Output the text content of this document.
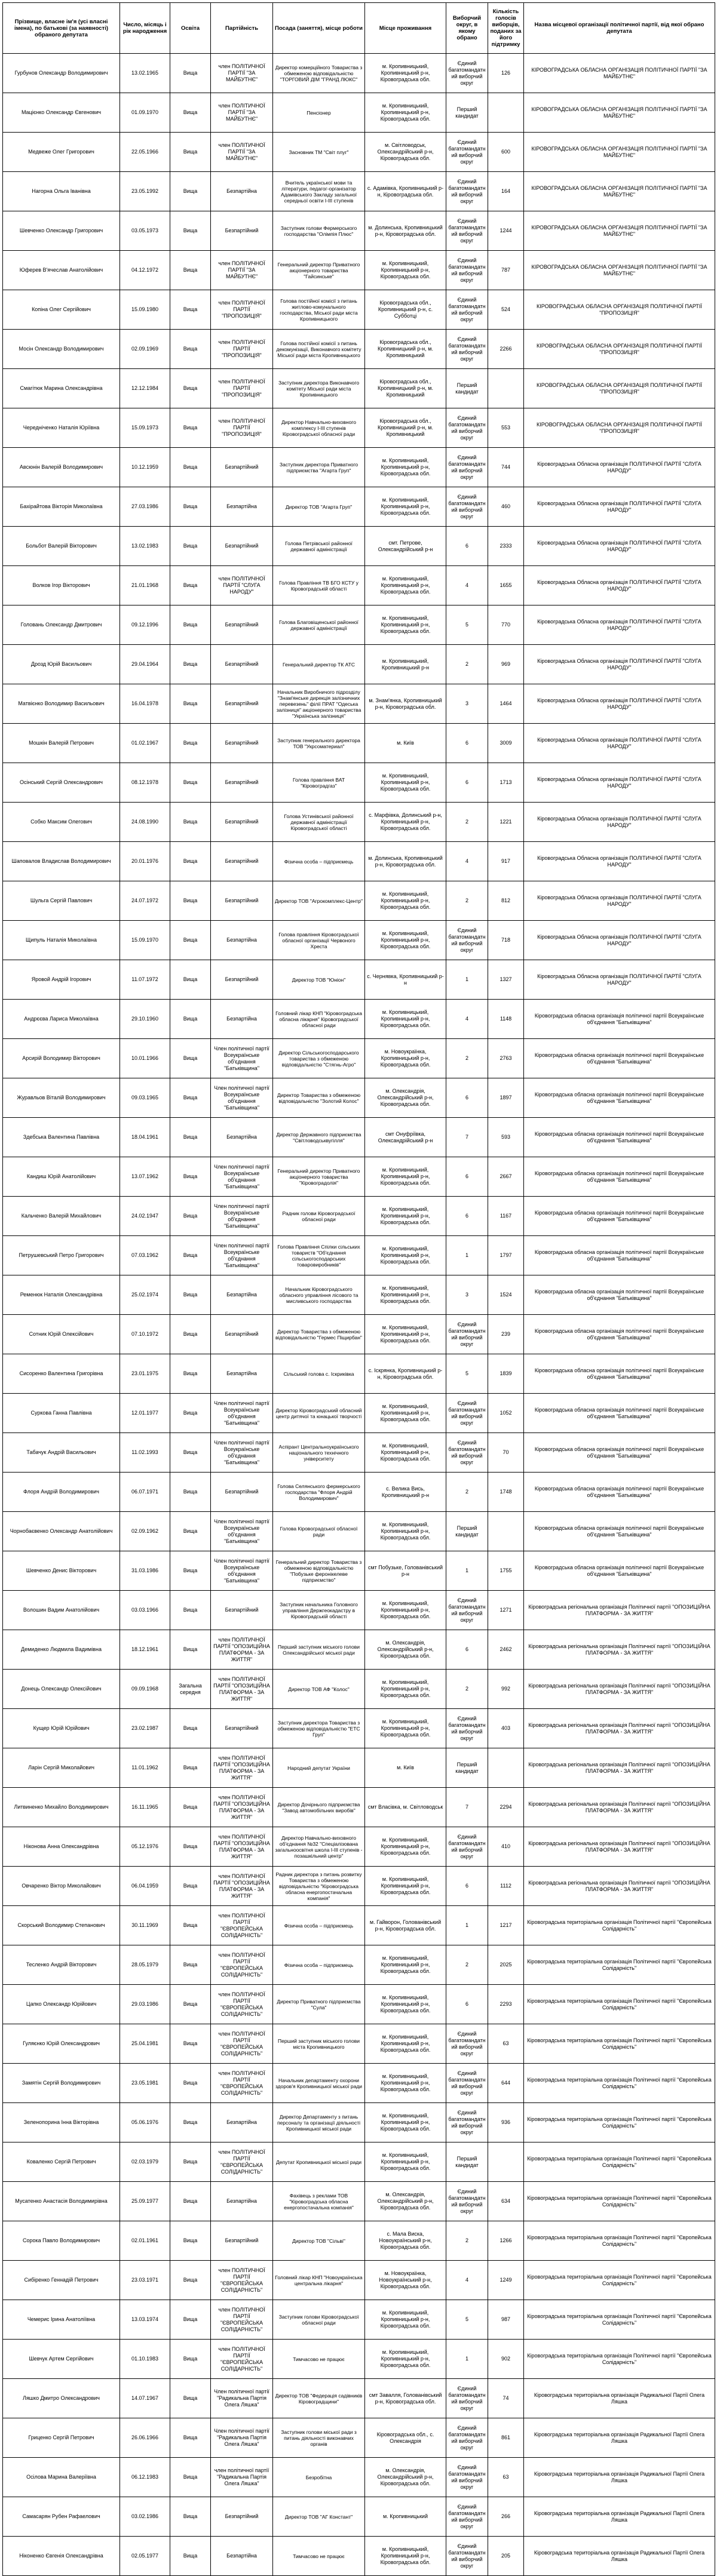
Прізвище, власне ім'я (усі власні імена), по батькові (за наявності) обраного депутата	Число, місяць і рік народження	Освіта	Партійність	Посада (заняття), місце роботи	Місце проживання	Виборчий округ, в якому обрано	Кількість голосів виборців, поданих за його підтримку	Назва місцевої організації політичної партії, від якої обрано депутата
Гурбунов Олександр Володимирович	13.02.1965	Вища	член ПОЛІТИЧНОЇ ПАРТІЇ "ЗА МАЙБУТНЄ"	Директор комерційного Товариства з обмеженою відповідальністю "ТОРГОВИЙ ДІМ "ГРАНД ЛЮКС"	м. Кропивницький, Кропивницький р-н, Кіровоградська обл.	Єдиний багатомандатний виборчий округ	126	КІРОВОГРАДСЬКА ОБЛАСНА ОРГАНІЗАЦІЯ ПОЛІТИЧНОЇ ПАРТІЇ "ЗА МАЙБУТНЄ"
Мацієнко Олександр Євгенович	01.09.1970	Вища	член ПОЛІТИЧНОЇ ПАРТІЇ "ЗА МАЙБУТНЄ"	Пенсіонер	м. Кропивницький, Кропивницький р-н, Кіровоградська обл.	Перший кандидат		КІРОВОГРАДСЬКА ОБЛАСНА ОРГАНІЗАЦІЯ ПОЛІТИЧНОЇ ПАРТІЇ "ЗА МАЙБУТНЄ"
Медвеже Олег Григорович	22.05.1966	Вища	член ПОЛІТИЧНОЇ ПАРТІЇ "ЗА МАЙБУТНЄ"	Засновник ТМ "Світ плуг"	м. Світловодськ, Олександрійський р-н, Кіровоградська обл.	Єдиний багатомандатний виборчий округ	600	КІРОВОГРАДСЬКА ОБЛАСНА ОРГАНІЗАЦІЯ ПОЛІТИЧНОЇ ПАРТІЇ "ЗА МАЙБУТНЄ"
Нагорна Ольга Іванівна	23.05.1992	Вища	Безпартійна	Вчитель української мови та літератури, педагог-організатор Адамівського Закладу загальної середньої освіти І-ІІІ ступенів	с. Адамівка, Кропивницький р-н, Кіровоградська обл.	Єдиний багатомандатний виборчий округ	164	КІРОВОГРАДСЬКА ОБЛАСНА ОРГАНІЗАЦІЯ ПОЛІТИЧНОЇ ПАРТІЇ "ЗА МАЙБУТНЄ"
Шевченко Олександр Григорович	03.05.1973	Вища	Безпартійний	Заступник голови Фермерського господарства "Олімпія Плюс"	м. Долинська, Кропивницький р-н, Кіровоградська обл.	Єдиний багатомандатний виборчий округ	1244	КІРОВОГРАДСЬКА ОБЛАСНА ОРГАНІЗАЦІЯ ПОЛІТИЧНОЇ ПАРТІЇ "ЗА МАЙБУТНЄ"
Юферев В'ячеслав Анатолійович	04.12.1972	Вища	член ПОЛІТИЧНОЇ ПАРТІЇ "ЗА МАЙБУТНЄ"	Генеральний директор Приватного акціонерного товариства "Гайсинське"	м. Кропивницький, Кропивницький р-н, Кіровоградська обл.	Єдиний багатомандатний виборчий округ	787	КІРОВОГРАДСЬКА ОБЛАСНА ОРГАНІЗАЦІЯ ПОЛІТИЧНОЇ ПАРТІЇ "ЗА МАЙБУТНЄ"
Копіна Олег Сергійович	15.09.1980	Вища	член ПОЛІТИЧНОЇ ПАРТІЇ "ПРОПОЗИЦІЯ"	Голова постійної комісії з питань житлово-комунального господарства, Міської ради міста Кропивницького	Кіровоградська обл., Кропивницький р-н, с. Субботці	Єдиний багатомандатний виборчий округ	524	КІРОВОГРАДСЬКА ОБЛАСНА ОРГАНІЗАЦІЯ ПОЛІТИЧНОЇ ПАРТІЇ "ПРОПОЗИЦІЯ"
Мосін Олександр Володимирович	02.09.1969	Вища	член ПОЛІТИЧНОЇ ПАРТІЇ "ПРОПОЗИЦІЯ"	Голова постійної комісії з питань декомунізації, Виконавчого комітету Міської ради міста Кропивницького	Кіровоградська обл., Кропивницький р-н, м. Кропивницький	Єдиний багатомандатний виборчий округ	2266	КІРОВОГРАДСЬКА ОБЛАСНА ОРГАНІЗАЦІЯ ПОЛІТИЧНОЇ ПАРТІЇ "ПРОПОЗИЦІЯ"
Смагітюк Марина Олександрівна	12.12.1984	Вища	член ПОЛІТИЧНОЇ ПАРТІЇ "ПРОПОЗИЦІЯ"	Заступник директора Виконавчого комітету Міської ради міста Кропивницького	Кіровоградська обл., Кропивницький р-н, м. Кропивницький	Перший кандидат		КІРОВОГРАДСЬКА ОБЛАСНА ОРГАНІЗАЦІЯ ПОЛІТИЧНОЇ ПАРТІЇ "ПРОПОЗИЦІЯ"
Чередніченко Наталія Юріївна	15.09.1973	Вища	член ПОЛІТИЧНОЇ ПАРТІЇ "ПРОПОЗИЦІЯ"	Директор Навчально-виховного комплексу І-ІІІ ступенів Кіровоградської обласної ради	Кіровоградська обл., Кропивницький р-н, м. Кропивницький	Єдиний багатомандатний виборчий округ	553	КІРОВОГРАДСЬКА ОБЛАСНА ОРГАНІЗАЦІЯ ПОЛІТИЧНОЇ ПАРТІЇ "ПРОПОЗИЦІЯ"
Авсюнін Валерій Володимирович	10.12.1959	Вища	Безпартійний	Заступник директора Приватного підприємства "Агарта Груп"	м. Кропивницький, Кропивницький р-н, Кіровоградська обл.	Єдиний багатомандатний виборчий округ	744	Кіровоградська Обласна організація ПОЛІТИЧНОЇ ПАРТІЇ "СЛУГА НАРОДУ"
Бахірайтова Вікторія Миколаївна	27.03.1986	Вища	Безпартійна	Директор ТОВ "Агарта Груп"	м. Кропивницький, Кропивницький р-н, Кіровоградська обл.	Єдиний багатомандатний виборчий округ	460	Кіровоградська Обласна організація ПОЛІТИЧНОЇ ПАРТІЇ "СЛУГА НАРОДУ"
Больбот Валерій Вікторович	13.02.1983	Вища	Безпартійний	Голова Петрівської районної державної адміністрації	смт. Петрове, Олександрійський р-н	6	2333	Кіровоградська Обласна організація ПОЛІТИЧНОЇ ПАРТІЇ "СЛУГА НАРОДУ"
Волков Ігор Вікторович	21.01.1968	Вища	член ПОЛІТИЧНОЇ ПАРТІЇ "СЛУГА НАРОДУ"	Голова Правління ТВ БГО КСТУ у Кіровоградській області	м. Кропивницький, Кропивницький р-н, Кіровоградська обл.	4	1655	Кіровоградська Обласна організація ПОЛІТИЧНОЇ ПАРТІЇ "СЛУГА НАРОДУ"
Головань Олександр Дмитрович	09.12.1996	Вища	Безпартійний	Голова Благовіщенської районної державної адміністрації	м. Кропивницький, Кропивницький р-н, Кіровоградська обл.	5	770	Кіровоградська Обласна організація ПОЛІТИЧНОЇ ПАРТІЇ "СЛУГА НАРОДУ"
Дрозд Юрій Васильович	29.04.1964	Вища	Безпартійний	Генеральний директор ТК АТС	м. Кропивницький, Кропивницький р-н	2	969	Кіровоградська Обласна організація ПОЛІТИЧНОЇ ПАРТІЇ "СЛУГА НАРОДУ"
Матвієнко Володимир Васильович	16.04.1978	Вища	Безпартійний	Начальник Виробничого підрозділу "Знам'янське дирекція залізничних перевезень" філії ПРАТ "Одеська залізниця" акціонерного товариства "Українська залізниця"	м. Знам'янка, Кропивницький р-н, Кіровоградська обл.	3	1464	Кіровоградська Обласна організація ПОЛІТИЧНОЇ ПАРТІЇ "СЛУГА НАРОДУ"
Мошкін Валерій Петрович	01.02.1967	Вища	Безпартійний	Заступник генерального директора ТОВ "Укрсоматериал"	м. Київ	6	3009	Кіровоградська Обласна організація ПОЛІТИЧНОЇ ПАРТІЇ "СЛУГА НАРОДУ"
Осінський Сергій Олександрович	08.12.1978	Вища	Безпартійний	Голова правління ВАТ "Кіровоградгаз"	м. Кропивницький, Кропивницький р-н, Кіровоградська обл.	6	1713	Кіровоградська Обласна організація ПОЛІТИЧНОЇ ПАРТІЇ "СЛУГА НАРОДУ"
Собко Максим Олегович	24.08.1990	Вища	Безпартійний	Голова Устинівської районної державної адміністрації Кіровоградської області	с. Марфівка, Долинський р-н, Кропивницький р-н, Кіровоградська обл.	2	1221	Кіровоградська Обласна організація ПОЛІТИЧНОЇ ПАРТІЇ "СЛУГА НАРОДУ"
Шаповалов Владислав Володимирович	20.01.1976	Вища	Безпартійний	Фізична особа – підприємець	м. Долинська, Кропивницький р-н, Кіровоградська обл.	4	917	Кіровоградська Обласна організація ПОЛІТИЧНОЇ ПАРТІЇ "СЛУГА НАРОДУ"
Шульга Сергій Павлович	24.07.1972	Вища	Безпартійний	Директор ТОВ "Агрокомплекс-Центр"	м. Кропивницький, Кропивницький р-н, Кіровоградська обл.	2	812	Кіровоградська Обласна організація ПОЛІТИЧНОЇ ПАРТІЇ "СЛУГА НАРОДУ"
Щипуль Наталія Миколаївна	15.09.1970	Вища	Безпартійна	Голова правління Кіровоградської обласної організації Червоного Хреста	м. Кропивницький, Кропивницький р-н, Кіровоградська обл.	Єдиний багатомандатний виборчий округ	718	Кіровоградська Обласна організація ПОЛІТИЧНОЇ ПАРТІЇ "СЛУГА НАРОДУ"
Яровой Андрій Ігорович	11.07.1972	Вища	Безпартійний	Директор ТОВ "Юніон"	с. Чернявка, Кропивницький р-н	1	1327	Кіровоградська Обласна організація ПОЛІТИЧНОЇ ПАРТІЇ "СЛУГА НАРОДУ"
Андрєєва Лариса Миколаївна	29.10.1960	Вища	Безпартійна	Головний лікар КНП "Кіровоградська обласна лікарня" Кіровоградської обласної ради	м. Кропивницький, Кропивницький р-н, Кіровоградська обл.	4	1148	Кіровоградська обласна організація політичної партії Всеукраїнське об'єднання "Батьківщина"
Арсирій Володимир Вікторович	10.01.1966	Вища	Член політичної партії Всеукраїнське об'єднання "Батьківщина"	Директор Сільськогосподарського товариства з обмеженою відповідальністю "Стягнь-Агро"	м. Новоукраїнка, Кропивницький р-н, Кіровоградська обл.	2	2763	Кіровоградська обласна організація політичної партії Всеукраїнське об'єднання "Батьківщина"
Журавльов Віталій Володимирович	09.03.1965	Вища	Член політичної партії Всеукраїнське об'єднання "Батьківщина"	Директор Товариства з обмеженою відповідальністю "Золотий Колос"	м. Олександрія, Олександрійський р-н, Кіровоградська обл.	6	1897	Кіровоградська обласна організація політичної партії Всеукраїнське об'єднання "Батьківщина"
Здебська Валентина Павлівна	18.04.1961	Вища	Безпартійна	Директор Державного підприємства "Світловодськвугілля"	смт Онуфріївка, Олександрійський р-н	7	593	Кіровоградська обласна організація політичної партії Всеукраїнське об'єднання "Батьківщина"
Кандиш Юрій Анатолійович	13.07.1962	Вища	Член політичної партії Всеукраїнське об'єднання "Батьківщина"	Генеральний директор Приватного акціонерного товариства "Кіровоградолія"	м. Кропивницький, Кропивницький р-н, Кіровоградська обл.	6	2667	Кіровоградська обласна організація політичної партії Всеукраїнське об'єднання "Батьківщина"
Кальченко Валерій Михайлович	24.02.1947	Вища	Член політичної партії Всеукраїнське об'єднання "Батьківщина"	Радник голови Кіровоградської обласної ради	м. Кропивницький, Кропивницький р-н, Кіровоградська обл.	6	1167	Кіровоградська обласна організація політичної партії Всеукраїнське об'єднання "Батьківщина"
Петрушевський Петро Григорович	07.03.1962	Вища	Член політичної партії Всеукраїнське об'єднання "Батьківщина"	Голова Правління Спілки сільських товариств "Об'єднання сільськогосподарських товаровиробників"	м. Кропивницький, Кропивницький р-н, Кіровоградська обл.	1	1797	Кіровоградська обласна організація політичної партії Всеукраїнське об'єднання "Батьківщина"
Ременюк Наталія Олександрівна	25.02.1974	Вища	Безпартійна	Начальник Кіровоградського обласного управління лісового та мисливського господарства	м. Кропивницький, Кропивницький р-н, Кіровоградська обл.	3	1524	Кіровоградська обласна організація політичної партії Всеукраїнське об'єднання "Батьківщина"
Сотник Юрій Олексійович	07.10.1972	Вища	Безпартійний	Директор Товариства з обмеженою відповідальністю "Гермес Піщирбан"	м. Кропивницький, Кропивницький р-н, Кіровоградська обл.	Єдиний багатомандатний виборчий округ	239	Кіровоградська обласна організація політичної партії Всеукраїнське об'єднання "Батьківщина"
Сисоренко Валентина Григорівна	23.01.1975	Вища	Безпартійна	Сільський голова с. Іскриківка	с. Іскрянка, Кропивницький р-н, Кіровоградська обл.	5	1839	Кіровоградська обласна організація політичної партії Всеукраїнське об'єднання "Батьківщина"
Суркова Ганна Павлівна	12.01.1977	Вища	Член політичної партії Всеукраїнське об'єднання "Батьківщина"	Директор Кіровоградський обласний центр дитячої та юнацької творчості	м. Кропивницький, Кропивницький р-н, Кіровоградська обл.	Єдиний багатомандатний виборчий округ	1052	Кіровоградська обласна організація політичної партії Всеукраїнське об'єднання "Батьківщина"
Табачук Андрій Васильович	11.02.1993	Вища	Член політичної партії Всеукраїнське об'єднання "Батьківщина"	Аспірант Центральноукраїнського національного технічного університету	м. Кропивницький, Кропивницький р-н, Кіровоградська обл.	Єдиний багатомандатний виборчий округ	70	Кіровоградська обласна організація політичної партії Всеукраїнське об'єднання "Батьківщина"
Флоря Андрій Володимирович	06.07.1971	Вища	Безпартійний	Голова Селянського фермерського господарства "Флоря Андрій Володимирович"	с. Велика Вись, Кропивницький р-н	2	1748	Кіровоградська обласна організація політичної партії Всеукраїнське об'єднання "Батьківщина"
Чорнобаєвенко Олександр Анатолійович	02.09.1962	Вища	Член політичної партії Всеукраїнське об'єднання "Батьківщина"	Голова Кіровоградської обласної ради	м. Кропивницький, Кропивницький р-н, Кіровоградська обл.	Перший кандидат		Кіровоградська обласна організація політичної партії Всеукраїнське об'єднання "Батьківщина"
Шевченко Денис Вікторович	31.03.1986	Вища	Член політичної партії Всеукраїнське об'єднання "Батьківщина"	Генеральний директор Товариства з обмеженою відповідальністю "Побузьке феронікелеве підприємство"	смт Побузьке, Голованівський р-н	1	1755	Кіровоградська обласна організація політичної партії Всеукраїнське об'єднання "Батьківщина"
Волошин Вадим Анатолійович	03.03.1966	Вища	Безпартійний	Заступник начальника Головного управління Держгеокадастру в Кіровоградській області	м. Кропивницький, Кропивницький р-н, Кіровоградська обл.	Єдиний багатомандатний виборчий округ	1271	Кіровоградська регіональна організація Політичної партії "ОПОЗИЦІЙНА ПЛАТФОРМА - ЗА ЖИТТЯ"
Демиденко Людмила Вадимівна	18.12.1961	Вища	член ПОЛІТИЧНОЇ ПАРТІЇ "ОПОЗИЦІЙНА ПЛАТФОРМА - ЗА ЖИТТЯ"	Перший заступник міського голови Олександрійської міської ради	м. Олександрія, Олександрійський р-н, Кіровоградська обл.	6	2462	Кіровоградська регіональна організація Політичної партії "ОПОЗИЦІЙНА ПЛАТФОРМА - ЗА ЖИТТЯ"
Донець Олександр Олексійович	09.09.1968	Загальна середня	член ПОЛІТИЧНОЇ ПАРТІЇ "ОПОЗИЦІЙНА ПЛАТФОРМА - ЗА ЖИТТЯ"	Директор ТОВ АФ "Колос"	м. Кропивницький, Кропивницький р-н, Кіровоградська обл.	2	992	Кіровоградська регіональна організація Політичної партії "ОПОЗИЦІЙНА ПЛАТФОРМА - ЗА ЖИТТЯ"
Кущер Юрій Юрійович	23.02.1987	Вища	Безпартійний	Заступник директора Товариства з обмеженою відповідальністю "ЕТС Груп"	м. Кропивницький, Кропивницький р-н, Кіровоградська обл.	Єдиний багатомандатний виборчий округ	403	Кіровоградська регіональна організація Політичної партії "ОПОЗИЦІЙНА ПЛАТФОРМА - ЗА ЖИТТЯ"
Ларін Сергій Миколайович	11.01.1962	Вища	член ПОЛІТИЧНОЇ ПАРТІЇ "ОПОЗИЦІЙНА ПЛАТФОРМА - ЗА ЖИТТЯ"	Народний депутат України	м. Київ	Перший кандидат		Кіровоградська регіональна організація Політичної партії "ОПОЗИЦІЙНА ПЛАТФОРМА - ЗА ЖИТТЯ"
Литвиненко Михайло Володимирович	16.11.1965	Вища	член ПОЛІТИЧНОЇ ПАРТІЇ "ОПОЗИЦІЙНА ПЛАТФОРМА - ЗА ЖИТТЯ"	Директор Дочірнього підприємства "Завод автомобільних виробів"	смт Власівка, м. Світловодськ	7	2294	Кіровоградська регіональна організація Політичної партії "ОПОЗИЦІЙНА ПЛАТФОРМА - ЗА ЖИТТЯ"
Ніконова Анна Олександрівна	05.12.1976	Вища	член ПОЛІТИЧНОЇ ПАРТІЇ "ОПОЗИЦІЙНА ПЛАТФОРМА - ЗА ЖИТТЯ"	Директор Навчально-виховного об'єднання №32 "Спеціалізована загальноосвітня школа І-ІІІ ступенів - позашкільний центр"	м. Кропивницький, Кропивницький р-н, Кіровоградська обл.	Єдиний багатомандатний виборчий округ	410	Кіровоградська регіональна організація Політичної партії "ОПОЗИЦІЙНА ПЛАТФОРМА - ЗА ЖИТТЯ"
Овчаренко Віктор Миколайович	06.04.1959	Вища	член ПОЛІТИЧНОЇ ПАРТІЇ "ОПОЗИЦІЙНА ПЛАТФОРМА - ЗА ЖИТТЯ"	Радник директора з питань розвитку Товариства з обмеженою відповідальністю "Кіровоградська обласна енергопостачальна компанія"	м. Кропивницький, Кропивницький р-н, Кіровоградська обл.	6	1112	Кіровоградська регіональна організація Політичної партії "ОПОЗИЦІЙНА ПЛАТФОРМА - ЗА ЖИТТЯ"
Скорський Володимир Степанович	30.11.1969	Вища	член ПОЛІТИЧНОЇ ПАРТІЇ "ЄВРОПЕЙСЬКА СОЛІДАРНІСТЬ"	Фізична особа – підприємець	м. Гайворон, Голованівський р-н, Кіровоградська обл.	1	1217	Кіровоградська територіальна організація Політичної партії "Європейська Солідарність"
Тесленко Андрій Вікторович	28.05.1979	Вища	член ПОЛІТИЧНОЇ ПАРТІЇ "ЄВРОПЕЙСЬКА СОЛІДАРНІСТЬ"	Фізична особа – підприємець	м. Кропивницький, Кропивницький р-н, Кіровоградська обл.	2	2025	Кіровоградська територіальна організація Політичної партії "Європейська Солідарність"
Цапко Олександр Юрійович	29.03.1986	Вища	член ПОЛІТИЧНОЇ ПАРТІЇ "ЄВРОПЕЙСЬКА СОЛІДАРНІСТЬ"	Директор Приватного підприємства "Сула"	м. Кропивницький, Кропивницький р-н, Кіровоградська обл.	6	2293	Кіровоградська територіальна організація Політичної партії "Європейська Солідарність"
Гуляєнко Юрій Олександрович	25.04.1981	Вища	член ПОЛІТИЧНОЇ ПАРТІЇ "ЄВРОПЕЙСЬКА СОЛІДАРНІСТЬ"	Перший заступник міського голови міста Кропивницького	м. Кропивницький, Кропивницький р-н, Кіровоградська обл.	Єдиний багатомандатний виборчий округ	63	Кіровоградська територіальна організація Політичної партії "Європейська Солідарність"
Замятін Сергій Володимирович	23.05.1981	Вища	член ПОЛІТИЧНОЇ ПАРТІЇ "ЄВРОПЕЙСЬКА СОЛІДАРНІСТЬ"	Начальник департаменту охорони здоров'я Кропивницької міської ради	м. Кропивницький, Кропивницький р-н, Кіровоградська обл.	Єдиний багатомандатний виборчий округ	644	Кіровоградська територіальна організація Політичної партії "Європейська Солідарність"
Зеленопорина Інна Вікторівна	05.06.1976	Вища	Безпартійна	Директор Департаменту з питань персоналу та організації діяльності Кропивницької міської ради	м. Кропивницький, Кропивницький р-н, Кіровоградська обл.	Єдиний багатомандатний виборчий округ	936	Кіровоградська територіальна організація Політичної партії "Європейська Солідарність"
Коваленко Сергій Петрович	02.03.1979	Вища	член ПОЛІТИЧНОЇ ПАРТІЇ "ЄВРОПЕЙСЬКА СОЛІДАРНІСТЬ"	Депутат Кропивницької міської ради	м. Кропивницький, Кропивницький р-н, Кіровоградська обл.	Перший кандидат		Кіровоградська територіальна організація Політичної партії "Європейська Солідарність"
Мусатенко Анастасія Володимирівна	25.09.1977	Вища	Безпартійна	Фахівець з реклами ТОВ "Кіровоградська обласна енергопостачальна компанія"	м. Олександрія, Олександрійський р-н, Кіровоградська обл.	Єдиний багатомандатний виборчий округ	634	Кіровоградська територіальна організація Політичної партії "Європейська Солідарність"
Сорока Павло Володимирович	02.01.1961	Вища	Безпартійний	Директор ТОВ "Сільві"	с. Мала Виска, Новоукраїнський р-н, Кіровоградська обл.	2	1266	Кіровоградська територіальна організація Політичної партії "Європейська Солідарність"
Сибіренко Геннадій Петрович	23.03.1971	Вища	член ПОЛІТИЧНОЇ ПАРТІЇ "ЄВРОПЕЙСЬКА СОЛІДАРНІСТЬ"	Головний лікар КНП "Новоукраїнська центральна лікарня"	м. Новоукраїнка, Новоукраїнський р-н, Кіровоградська обл.	4	1249	Кіровоградська територіальна організація Політичної партії "Європейська Солідарність"
Чемерис Ірина Анатоліївна	13.03.1974	Вища	член ПОЛІТИЧНОЇ ПАРТІЇ "ЄВРОПЕЙСЬКА СОЛІДАРНІСТЬ"	Заступник голови Кіровоградської обласної ради	м. Кропивницький, Кропивницький р-н, Кіровоградська обл.	5	987	Кіровоградська територіальна організація Політичної партії "Європейська Солідарність"
Шевчук Артем Сергійович	01.10.1983	Вища	член ПОЛІТИЧНОЇ ПАРТІЇ "ЄВРОПЕЙСЬКА СОЛІДАРНІСТЬ"	Тимчасово не працює	м. Кропивницький, Кропивницький р-н, Кіровоградська обл.	1	902	Кіровоградська територіальна організація Політичної партії "Європейська Солідарність"
Ляшко Дмитро Олександрович	14.07.1967	Вища	Член політичної партії "Радикальна Партія Олега Ляшка"	Директор ТОВ "Федерація садівників Кіровоградщини"	смт Завалля, Голованівський р-н, Кіровоградська обл.	Єдиний багатомандатний виборчий округ	74	Кіровоградська територіальна організація Радикальної Партії Олега Ляшка
Гриценко Сергій Петрович	26.06.1966	Вища	Член політичної партії "Радикальна Партія Олега Ляшка"	Заступник голови міської ради з питань діяльності виконавчих органів	Кіровоградська обл., с. Олександрія	Єдиний багатомандатний виборчий округ	861	Кіровоградська територіальна організація Радикальної Партії Олега Ляшка
Осілова Марина Валеріївна	06.12.1983	Вища	член політичної партії "Радикальна Партія Олега Ляшка"	Безробітна	м. Олександрія, Олександрійський р-н, Кіровоградська обл.	Єдиний багатомандатний виборчий округ	63	Кіровоградська територіальна організація Радикальної Партії Олега Ляшка
Самасарян Рубен Рафаелович	03.02.1986	Вища	Безпартійний	Директор ТОВ "АГ Констант"	м. Кропивницький	Єдиний багатомандатний виборчий округ	266	Кіровоградська територіальна організація Радикальної Партії Олега Ляшка
Ніконенко Євгенія Олександрівна	02.05.1977	Вища	Безпартійна	Тимчасово не працює	м. Кропивницький, Кропивницький р-н, Кіровоградська обл.	Єдиний багатомандатний виборчий округ	205	Кіровоградська територіальна організація Радикальної Партії Олега Ляшка
